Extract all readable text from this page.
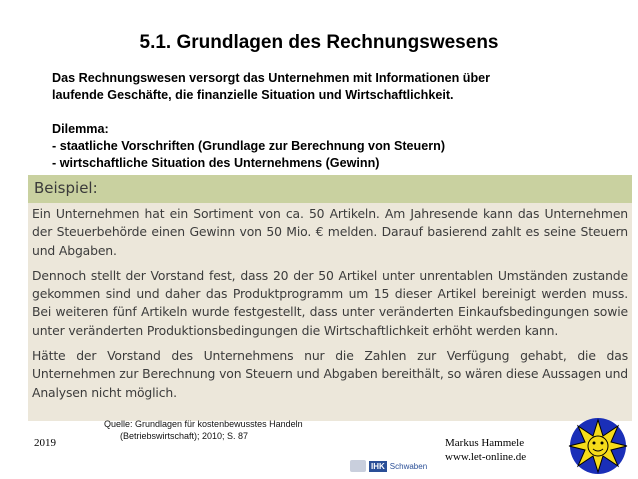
5.1. Grundlagen des Rechnungswesens

Das Rechnungswesen versorgt das Unternehmen mit Informationen über

laufende Geschäfte, die finanzielle Situation und Wirtschaftlichkeit.

Dilemma:

- staatliche Vorschriften (Grundlage zur Berechnung von Steuern)

- wirtschaftliche Situation des Unternehmens (Gewinn)

Beispiel:

Ein Unternehmen hat ein Sortiment von ca. 50 Artikeln. Am Jahresende kann das Unternehmen der Steuerbehörde einen Gewinn von 50 Mio. € melden. Darauf basierend zahlt es seine Steuern und Abgaben.

Dennoch stellt der Vorstand fest, dass 20 der 50 Artikel unter unrentablen Umständen zustande gekommen sind und daher das Produktprogramm um 15 dieser Artikel bereinigt werden muss. Bei weiteren fünf Artikeln wurde festgestellt, dass unter veränderten Einkaufsbedingungen sowie unter veränderten Produktionsbedingungen die Wirtschaftlichkeit erhöht werden kann.

Hätte der Vorstand des Unternehmens nur die Zahlen zur Verfügung gehabt, die das Unternehmen zur Berechnung von Steuern und Abgaben bereithält, so wären diese Aussagen und Analysen nicht möglich.

Quelle: Grundlagen für kostenbewusstes Handeln
(Betriebswirtschaft); 2010; S. 87
2019	Markus Hammele
www.let-online.de
IHK Schwaben
